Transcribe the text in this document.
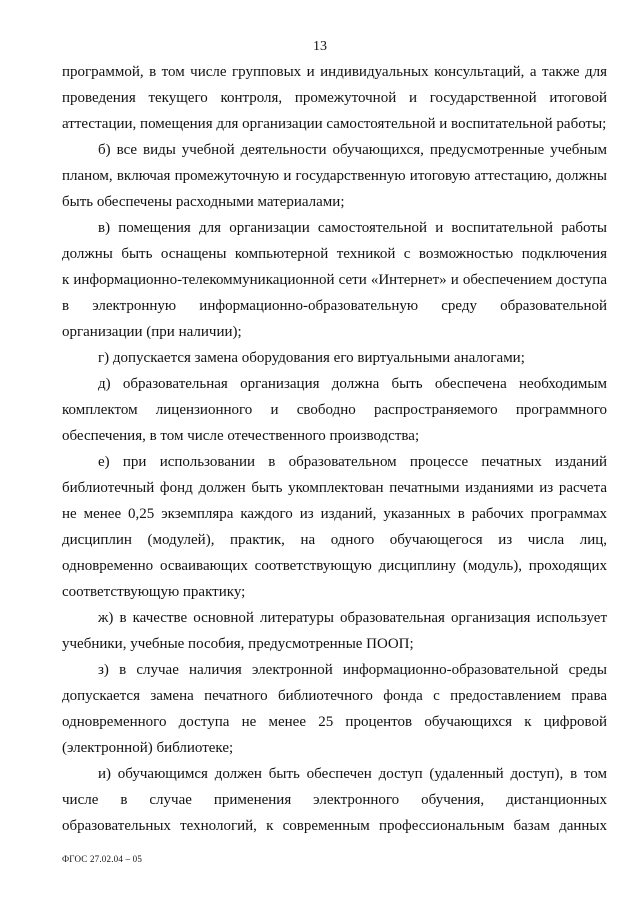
13
программой, в том числе групповых и индивидуальных консультаций, а также для
проведения текущего контроля, промежуточной и государственной итоговой
аттестации, помещения для организации самостоятельной и воспитательной работы;
б) все виды учебной деятельности обучающихся, предусмотренные учебным
планом, включая промежуточную и государственную итоговую аттестацию, должны
быть обеспечены расходными материалами;
в) помещения для организации самостоятельной и воспитательной работы
должны быть оснащены компьютерной техникой с возможностью подключения
к информационно-телекоммуникационной сети «Интернет» и обеспечением доступа
в электронную информационно-образовательную среду образовательной
организации (при наличии);
г) допускается замена оборудования его виртуальными аналогами;
д) образовательная организация должна быть обеспечена необходимым
комплектом лицензионного и свободно распространяемого программного
обеспечения, в том числе отечественного производства;
е) при использовании в образовательном процессе печатных изданий
библиотечный фонд должен быть укомплектован печатными изданиями из расчета
не менее 0,25 экземпляра каждого из изданий, указанных в рабочих программах
дисциплин (модулей), практик, на одного обучающегося из числа лиц,
одновременно осваивающих соответствующую дисциплину (модуль), проходящих
соответствующую практику;
ж) в качестве основной литературы образовательная организация использует
учебники, учебные пособия, предусмотренные ПООП;
з) в случае наличия электронной информационно-образовательной среды
допускается замена печатного библиотечного фонда с предоставлением права
одновременного доступа не менее 25 процентов обучающихся к цифровой
(электронной) библиотеке;
и) обучающимся должен быть обеспечен доступ (удаленный доступ), в том
числе в случае применения электронного обучения, дистанционных
образовательных технологий, к современным профессиональным базам данных
ФГОС 27.02.04 – 05
